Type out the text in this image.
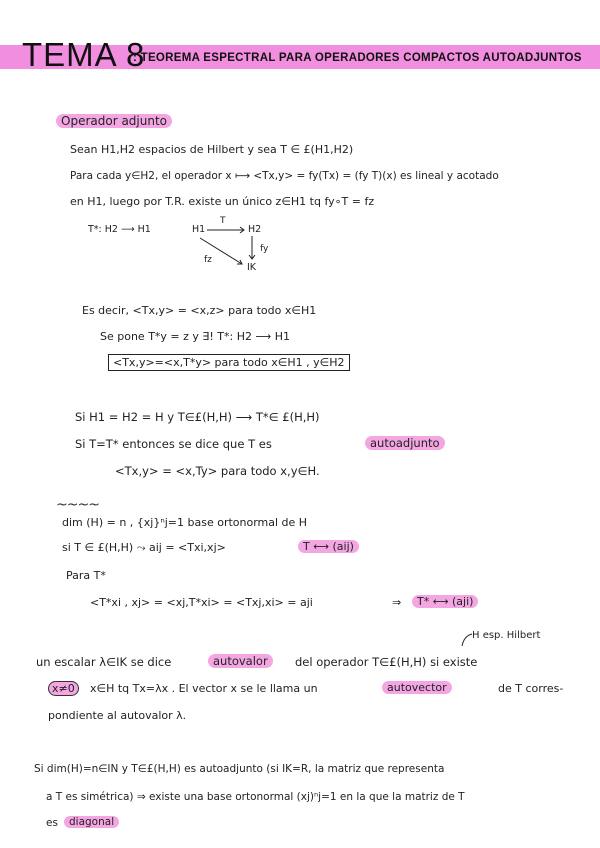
TEMA 8
: TEOREMA ESPECTRAL PARA OPERADORES COMPACTOS AUTOADJUNTOS
Operador adjunto
Sean H1,H2 espacios de Hilbert y sea T ∈ £(H1,H2)
Para cada y∈H2, el operador x ⟼ <Tx,y> = fy(Tx) = (fy T)(x) es lineal y acotado
en H1, luego por T.R. existe un único z∈H1 tq fy∘T = fz
T*: H2 ⟶ H1	H1
T
H2
fy
fz
IK
Es decir, <Tx,y> = <x,z> para todo x∈H1
Se pone T*y = z y ∃! T*: H2 ⟶ H1
<Tx,y>=<x,T*y> para todo x∈H1 , y∈H2
Si H1 = H2 = H y T∈£(H,H) ⟶ T*∈ £(H,H)
Si T=T* entonces se dice que T es	autoadjunto
<Tx,y> = <x,Ty> para todo x,y∈H.
~~~~
dim (H) = n , {xj}ⁿj=1 base ortonormal de H
si T ∈ £(H,H) ⤳ aij = <Txi,xj>	T ⟷ (aij)
Para T*
<T*xi , xj> = <xj,T*xi> = <Txj,xi> = aji	⇒	T* ⟷ (aji)
H esp. Hilbert
un escalar λ∈IK se dice	autovalor	del operador T∈£(H,H) si existe
x≠0	x∈H tq Tx=λx . El vector x se le llama un	autovector	de T corres-
pondiente al autovalor λ.
Si dim(H)=n∈IN y T∈£(H,H) es autoadjunto (si IK=R, la matriz que representa
a T es simétrica) ⇒ existe una base ortonormal (xj)ⁿj=1 en la que la matriz de T
es	diagonal
